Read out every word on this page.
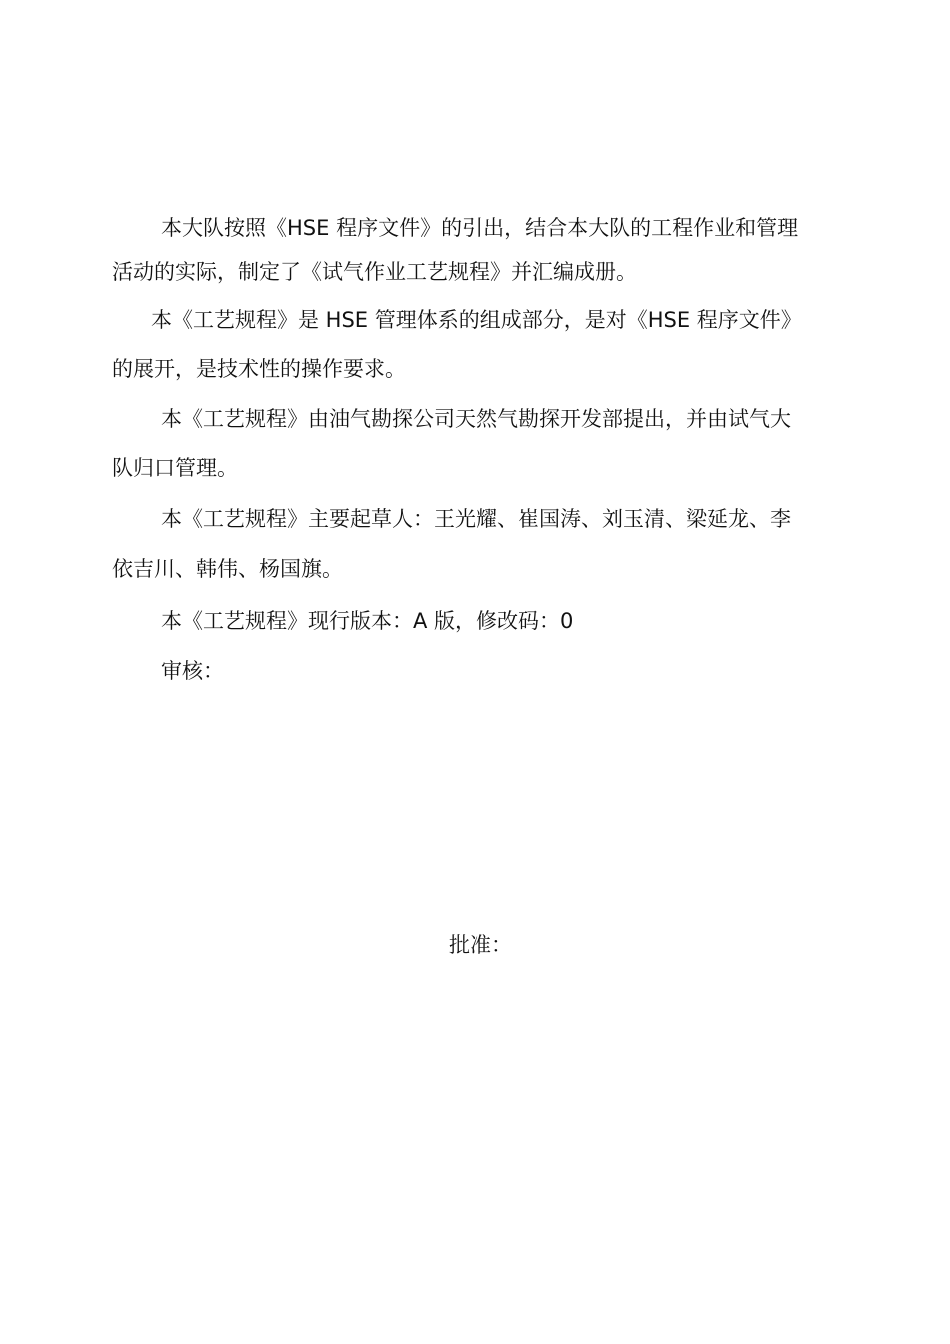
本大队按照《HSE 程序文件》的引出，结合本大队的工程作业和管理
活动的实际，制定了《试气作业工艺规程》并汇编成册。
本《工艺规程》是 HSE 管理体系的组成部分，是对《HSE 程序文件》
的展开，是技术性的操作要求。
本《工艺规程》由油气勘探公司天然气勘探开发部提出，并由试气大
队归口管理。
本《工艺规程》主要起草人：王光耀、崔国涛、刘玉清、梁延龙、李
依吉川、韩伟、杨国旗。
本《工艺规程》现行版本：A 版，修改码：0
审核：
批准：
